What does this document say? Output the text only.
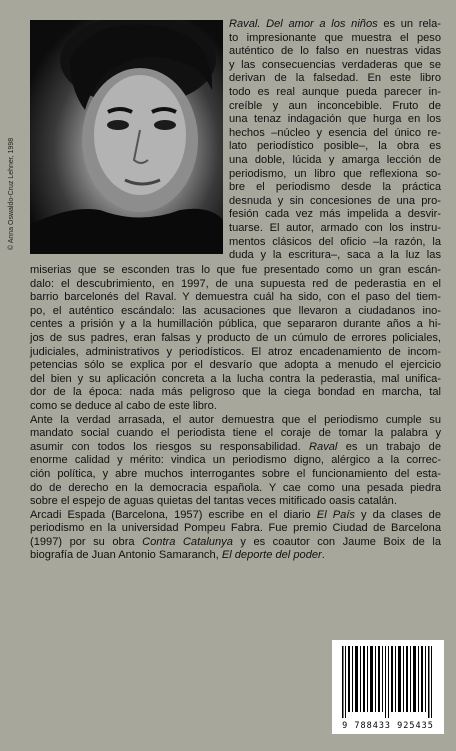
© Anna Oswaldo-Cruz Lehner, 1998

Raval. Del amor a los niños es un rela-

to impresionante que muestra el peso

auténtico de lo falso en nuestras vidas

y las consecuencias verdaderas que se

derivan de la falsedad. En este libro

todo es real aunque pueda parecer in-

creíble y aun inconcebible. Fruto de

una tenaz indagación que hurga en los

hechos –núcleo y esencia del único re-

lato periodístico posible–, la obra es

una doble, lúcida y amarga lección de

periodismo, un libro que reflexiona so-

bre el periodismo desde la práctica

desnuda y sin concesiones de una pro-

fesión cada vez más impelida a desvir-

tuarse. El autor, armado con los instru-

mentos clásicos del oficio –la razón, la

duda y la escritura–, saca a la luz las

miserias que se esconden tras lo que fue presentado como un gran escán-

dalo: el descubrimiento, en 1997, de una supuesta red de pederastia en el

barrio barcelonés del Raval. Y demuestra cuál ha sido, con el paso del tiem-

po, el auténtico escándalo: las acusaciones que llevaron a ciudadanos ino-

centes a prisión y a la humillación pública, que separaron durante años a hi-

jos de sus padres, eran falsas y producto de un cúmulo de errores policiales,

judiciales, administrativos y periodísticos. El atroz encadenamiento de incom-

petencias sólo se explica por el desvarío que adopta a menudo el ejercicio

del bien y su aplicación concreta a la lucha contra la pederastia, mal unifica-

dor de la época: nada más peligroso que la ciega bondad en marcha, tal

como se deduce al cabo de este libro.

Ante la verdad arrasada, el autor demuestra que el periodismo cumple su

mandato social cuando el periodista tiene el coraje de tomar la palabra y

asumir con todos los riesgos su responsabilidad. Raval es un trabajo de

enorme calidad y mérito: vindica un periodismo digno, alérgico a la correc-

ción política, y abre muchos interrogantes sobre el funcionamiento del esta-

do de derecho en la democracia española. Y cae como una pesada piedra

sobre el espejo de aguas quietas del tantas veces mitificado oasis catalán.

Arcadi Espada (Barcelona, 1957) escribe en el diario El País y da clases de

periodismo en la universidad Pompeu Fabra. Fue premio Ciudad de Barcelona

(1997) por su obra Contra Catalunya y es coautor con Jaume Boix de la

biografía de Juan Antonio Samaranch, El deporte del poder.

9 788433 925435
